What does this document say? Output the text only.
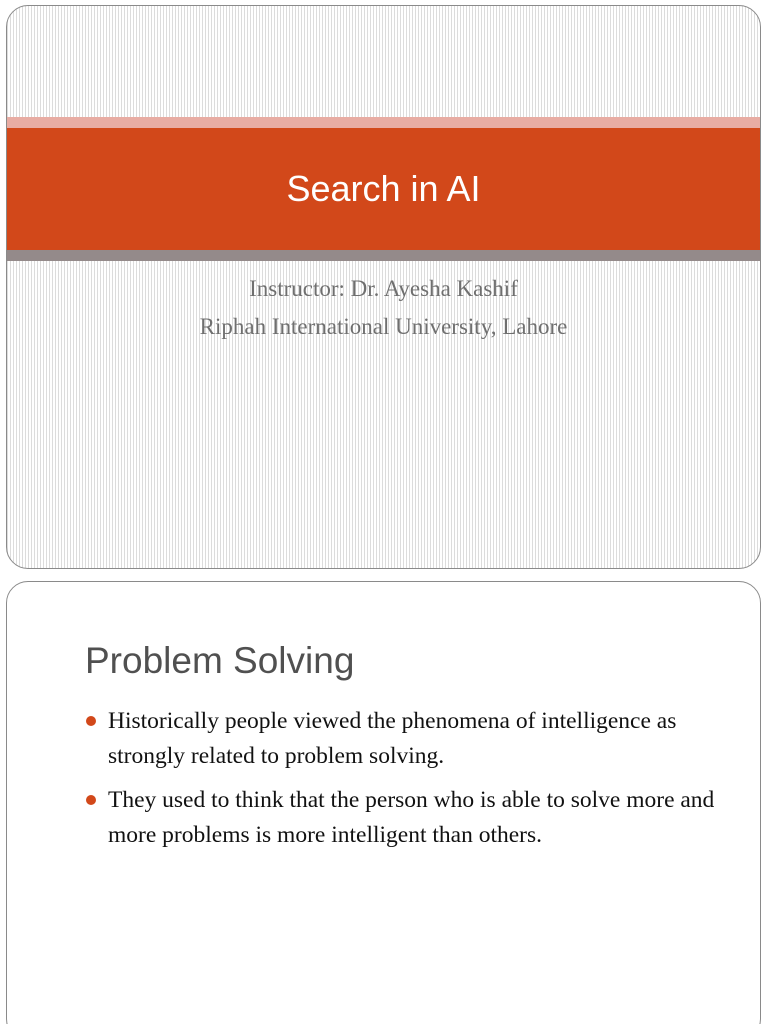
Search in AI
Instructor: Dr. Ayesha Kashif
Riphah International University, Lahore
Problem Solving
Historically people viewed the phenomena of intelligence as strongly related to problem solving.
They used to think that the person who is able to solve more and more problems is more intelligent than others.
